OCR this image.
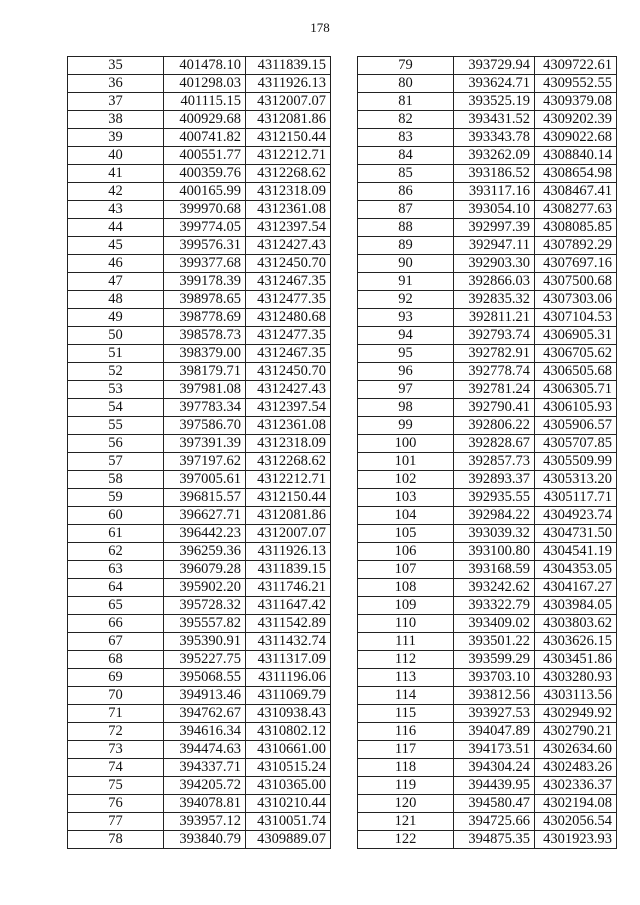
178
35	401478.10	4311839.15
36	401298.03	4311926.13
37	401115.15	4312007.07
38	400929.68	4312081.86
39	400741.82	4312150.44
40	400551.77	4312212.71
41	400359.76	4312268.62
42	400165.99	4312318.09
43	399970.68	4312361.08
44	399774.05	4312397.54
45	399576.31	4312427.43
46	399377.68	4312450.70
47	399178.39	4312467.35
48	398978.65	4312477.35
49	398778.69	4312480.68
50	398578.73	4312477.35
51	398379.00	4312467.35
52	398179.71	4312450.70
53	397981.08	4312427.43
54	397783.34	4312397.54
55	397586.70	4312361.08
56	397391.39	4312318.09
57	397197.62	4312268.62
58	397005.61	4312212.71
59	396815.57	4312150.44
60	396627.71	4312081.86
61	396442.23	4312007.07
62	396259.36	4311926.13
63	396079.28	4311839.15
64	395902.20	4311746.21
65	395728.32	4311647.42
66	395557.82	4311542.89
67	395390.91	4311432.74
68	395227.75	4311317.09
69	395068.55	4311196.06
70	394913.46	4311069.79
71	394762.67	4310938.43
72	394616.34	4310802.12
73	394474.63	4310661.00
74	394337.71	4310515.24
75	394205.72	4310365.00
76	394078.81	4310210.44
77	393957.12	4310051.74
78	393840.79	4309889.07
79	393729.94	4309722.61
80	393624.71	4309552.55
81	393525.19	4309379.08
82	393431.52	4309202.39
83	393343.78	4309022.68
84	393262.09	4308840.14
85	393186.52	4308654.98
86	393117.16	4308467.41
87	393054.10	4308277.63
88	392997.39	4308085.85
89	392947.11	4307892.29
90	392903.30	4307697.16
91	392866.03	4307500.68
92	392835.32	4307303.06
93	392811.21	4307104.53
94	392793.74	4306905.31
95	392782.91	4306705.62
96	392778.74	4306505.68
97	392781.24	4306305.71
98	392790.41	4306105.93
99	392806.22	4305906.57
100	392828.67	4305707.85
101	392857.73	4305509.99
102	392893.37	4305313.20
103	392935.55	4305117.71
104	392984.22	4304923.74
105	393039.32	4304731.50
106	393100.80	4304541.19
107	393168.59	4304353.05
108	393242.62	4304167.27
109	393322.79	4303984.05
110	393409.02	4303803.62
111	393501.22	4303626.15
112	393599.29	4303451.86
113	393703.10	4303280.93
114	393812.56	4303113.56
115	393927.53	4302949.92
116	394047.89	4302790.21
117	394173.51	4302634.60
118	394304.24	4302483.26
119	394439.95	4302336.37
120	394580.47	4302194.08
121	394725.66	4302056.54
122	394875.35	4301923.93
